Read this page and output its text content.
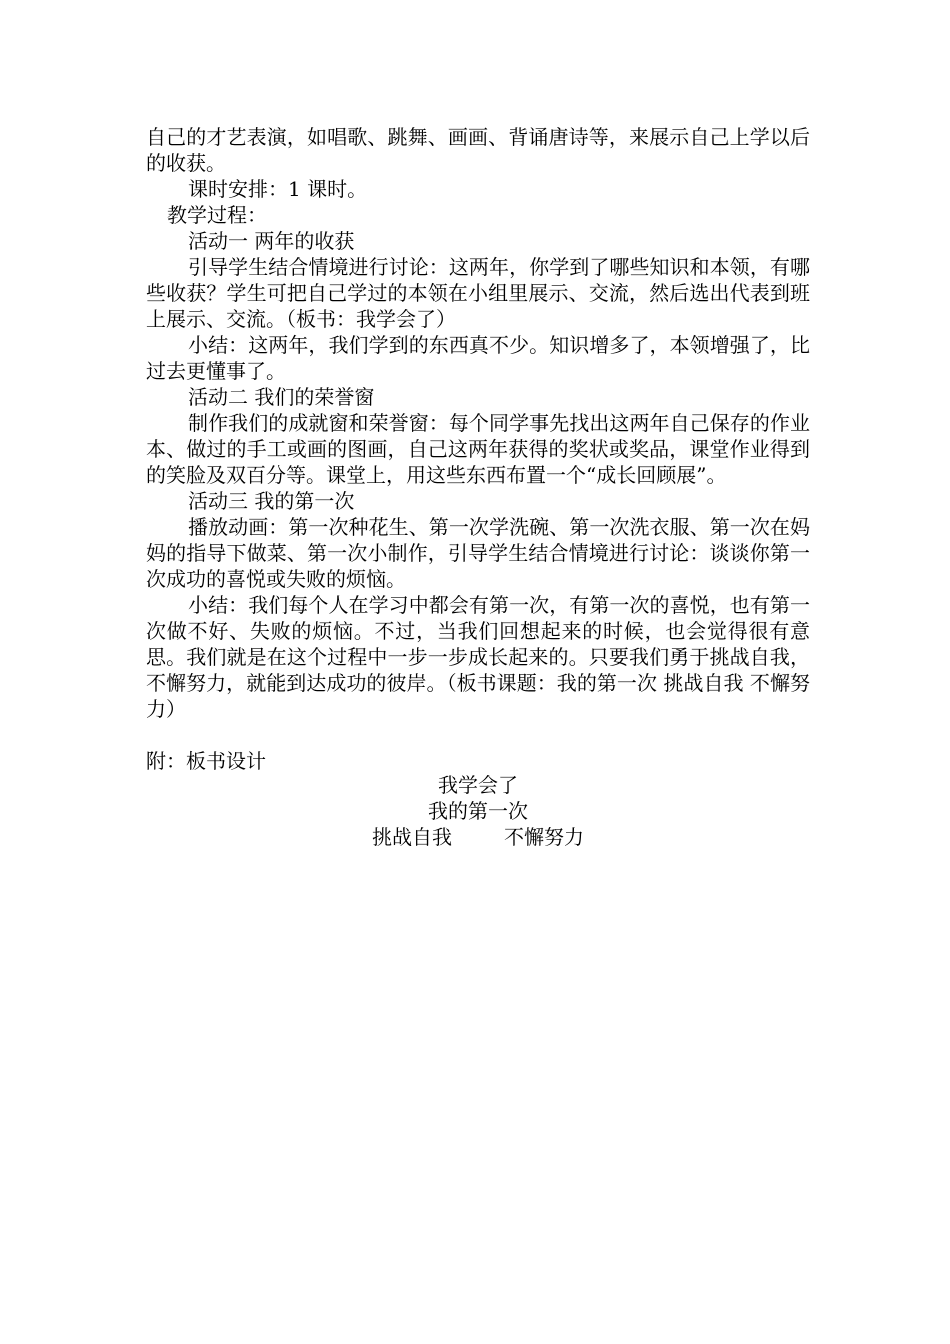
自己的才艺表演，如唱歌、跳舞、画画、背诵唐诗等，来展示自己上学以后的收获。

课时安排：1 课时。

教学过程：

活动一 两年的收获

引导学生结合情境进行讨论：这两年，你学到了哪些知识和本领，有哪些收获？学生可把自己学过的本领在小组里展示、交流，然后选出代表到班上展示、交流。（板书：我学会了）

小结：这两年，我们学到的东西真不少。知识增多了，本领增强了，比过去更懂事了。

活动二 我们的荣誉窗

制作我们的成就窗和荣誉窗：每个同学事先找出这两年自己保存的作业本、做过的手工或画的图画，自己这两年获得的奖状或奖品，课堂作业得到的笑脸及双百分等。课堂上，用这些东西布置一个“成长回顾展”。

活动三 我的第一次

播放动画：第一次种花生、第一次学洗碗、第一次洗衣服、第一次在妈妈的指导下做菜、第一次小制作，引导学生结合情境进行讨论：谈谈你第一次成功的喜悦或失败的烦恼。

小结：我们每个人在学习中都会有第一次，有第一次的喜悦，也有第一次做不好、失败的烦恼。不过，当我们回想起来的时候，也会觉得很有意思。我们就是在这个过程中一步一步成长起来的。只要我们勇于挑战自我，不懈努力，就能到达成功的彼岸。（板书课题：我的第一次 挑战自我 不懈努力）

附：板书设计

我学会了

我的第一次

挑战自我	不懈努力
